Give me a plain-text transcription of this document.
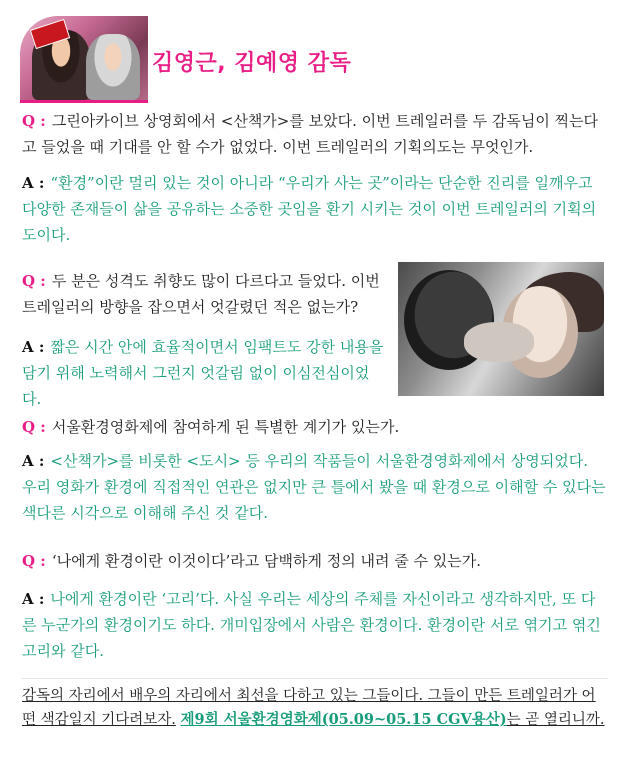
김영근, 김예영 감독
Q : 그린아카이브 상영회에서 <산책가>를 보았다. 이번 트레일러를 두 감독님이 찍는다고 들었을 때 기대를 안 할 수가 없었다. 이번 트레일러의 기획의도는 무엇인가.
A : “환경”이란 멀리 있는 것이 아니라 “우리가 사는 곳”이라는 단순한 진리를 일깨우고 다양한 존재들이 삶을 공유하는 소중한 곳임을 환기 시키는 것이 이번 트레일러의 기획의도이다.
Q : 두 분은 성격도 취향도 많이 다르다고 들었다. 이번 트레일러의 방향을 잡으면서 엇갈렸던 적은 없는가?
A : 짧은 시간 안에 효율적이면서 임팩트도 강한 내용을 담기 위해 노력해서 그런지 엇갈림 없이 이심전심이었다.
Q : 서울환경영화제에 참여하게 된 특별한 계기가 있는가.
A : <산책가>를 비롯한 <도시> 등 우리의 작품들이 서울환경영화제에서 상영되었다. 우리 영화가 환경에 직접적인 연관은 없지만 큰 틀에서 봤을 때 환경으로 이해할 수 있다는 색다른 시각으로 이해해 주신 것 같다.
Q : ‘나에게 환경이란 이것이다’라고 담백하게 정의 내려 줄 수 있는가.
A : 나에게 환경이란 ‘고리’다. 사실 우리는 세상의 주체를 자신이라고 생각하지만, 또 다른 누군가의 환경이기도 하다. 개미입장에서 사람은 환경이다. 환경이란 서로 엮기고 엮긴 고리와 같다.
감독의 자리에서 배우의 자리에서 최선을 다하고 있는 그들이다. 그들이 만든 트레일러가 어떤 색감일지 기다려보자. 제9회 서울환경영화제(05.09~05.15 CGV용산)는 곧 열리니까.
